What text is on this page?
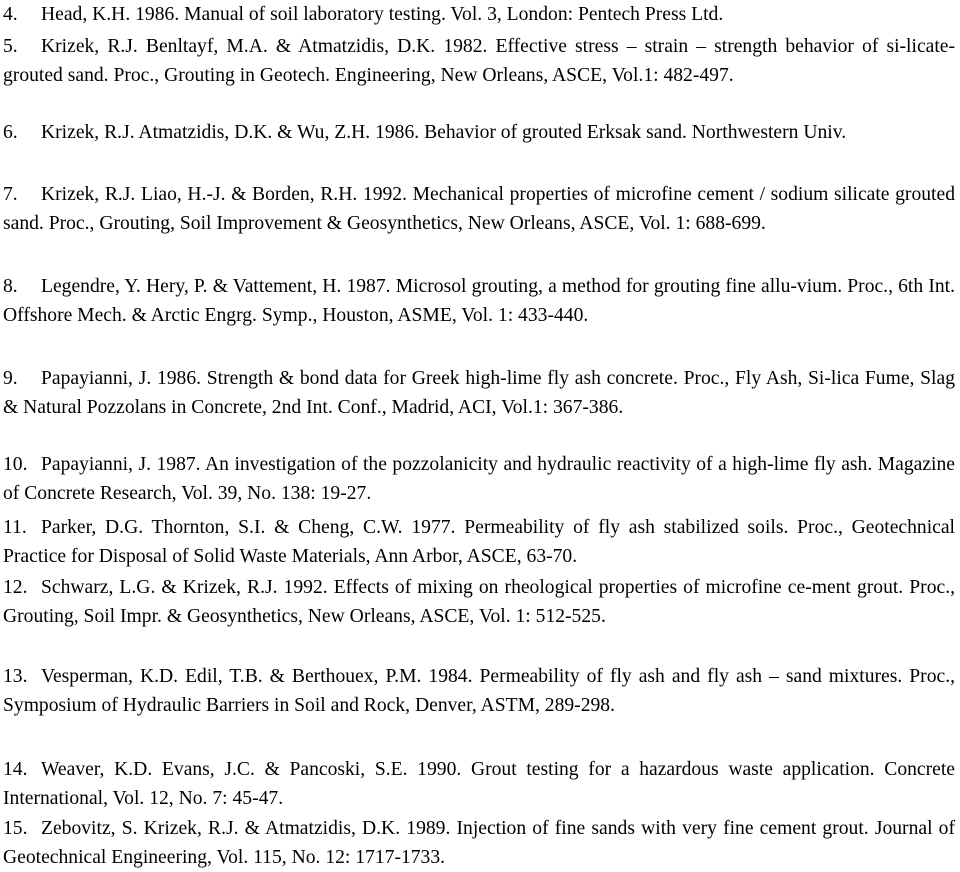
4.	Head, K.H. 1986. Manual of soil laboratory testing. Vol. 3, London: Pentech Press Ltd.
5.	Krizek, R.J. Benltayf, M.A. & Atmatzidis, D.K. 1982. Effective stress – strain – strength behavior of si-licate-grouted sand. Proc., Grouting in Geotech. Engineering, New Orleans, ASCE, Vol.1: 482-497.
6.	Krizek, R.J. Atmatzidis, D.K. & Wu, Z.H. 1986. Behavior of grouted Erksak sand. Northwestern Univ.
7.	Krizek, R.J. Liao, H.-J. & Borden, R.H. 1992. Mechanical properties of microfine cement / sodium silicate grouted sand. Proc., Grouting, Soil Improvement & Geosynthetics, New Orleans, ASCE, Vol. 1: 688-699.
8.	Legendre, Y. Hery, P. & Vattement, H. 1987. Microsol grouting, a method for grouting fine allu-vium. Proc., 6th Int. Offshore Mech. & Arctic Engrg. Symp., Houston, ASME, Vol. 1: 433-440.
9.	Papayianni, J. 1986. Strength & bond data for Greek high-lime fly ash concrete. Proc., Fly Ash, Si-lica Fume, Slag & Natural Pozzolans in Concrete, 2nd Int. Conf., Madrid, ACI, Vol.1: 367-386.
10. Papayianni, J. 1987. An investigation of the pozzolanicity and hydraulic reactivity of a high-lime fly ash. Magazine of Concrete Research, Vol. 39, No. 138: 19-27.
11. Parker, D.G. Thornton, S.I. & Cheng, C.W. 1977. Permeability of fly ash stabilized soils. Proc., Geotechnical Practice for Disposal of Solid Waste Materials, Ann Arbor, ASCE, 63-70.
12. Schwarz, L.G. & Krizek, R.J. 1992. Effects of mixing on rheological properties of microfine ce-ment grout. Proc., Grouting, Soil Impr. & Geosynthetics, New Orleans, ASCE, Vol. 1: 512-525.
13. Vesperman, K.D. Edil, T.B. & Berthouex, P.M. 1984. Permeability of fly ash and fly ash – sand mixtures. Proc., Symposium of Hydraulic Barriers in Soil and Rock, Denver, ASTM, 289-298.
14. Weaver, K.D. Evans, J.C. & Pancoski, S.E. 1990. Grout testing for a hazardous waste application. Concrete International, Vol. 12, No. 7: 45-47.
15. Zebovitz, S. Krizek, R.J. & Atmatzidis, D.K. 1989. Injection of fine sands with very fine cement grout. Journal of Geotechnical Engineering, Vol. 115, No. 12: 1717-1733.
